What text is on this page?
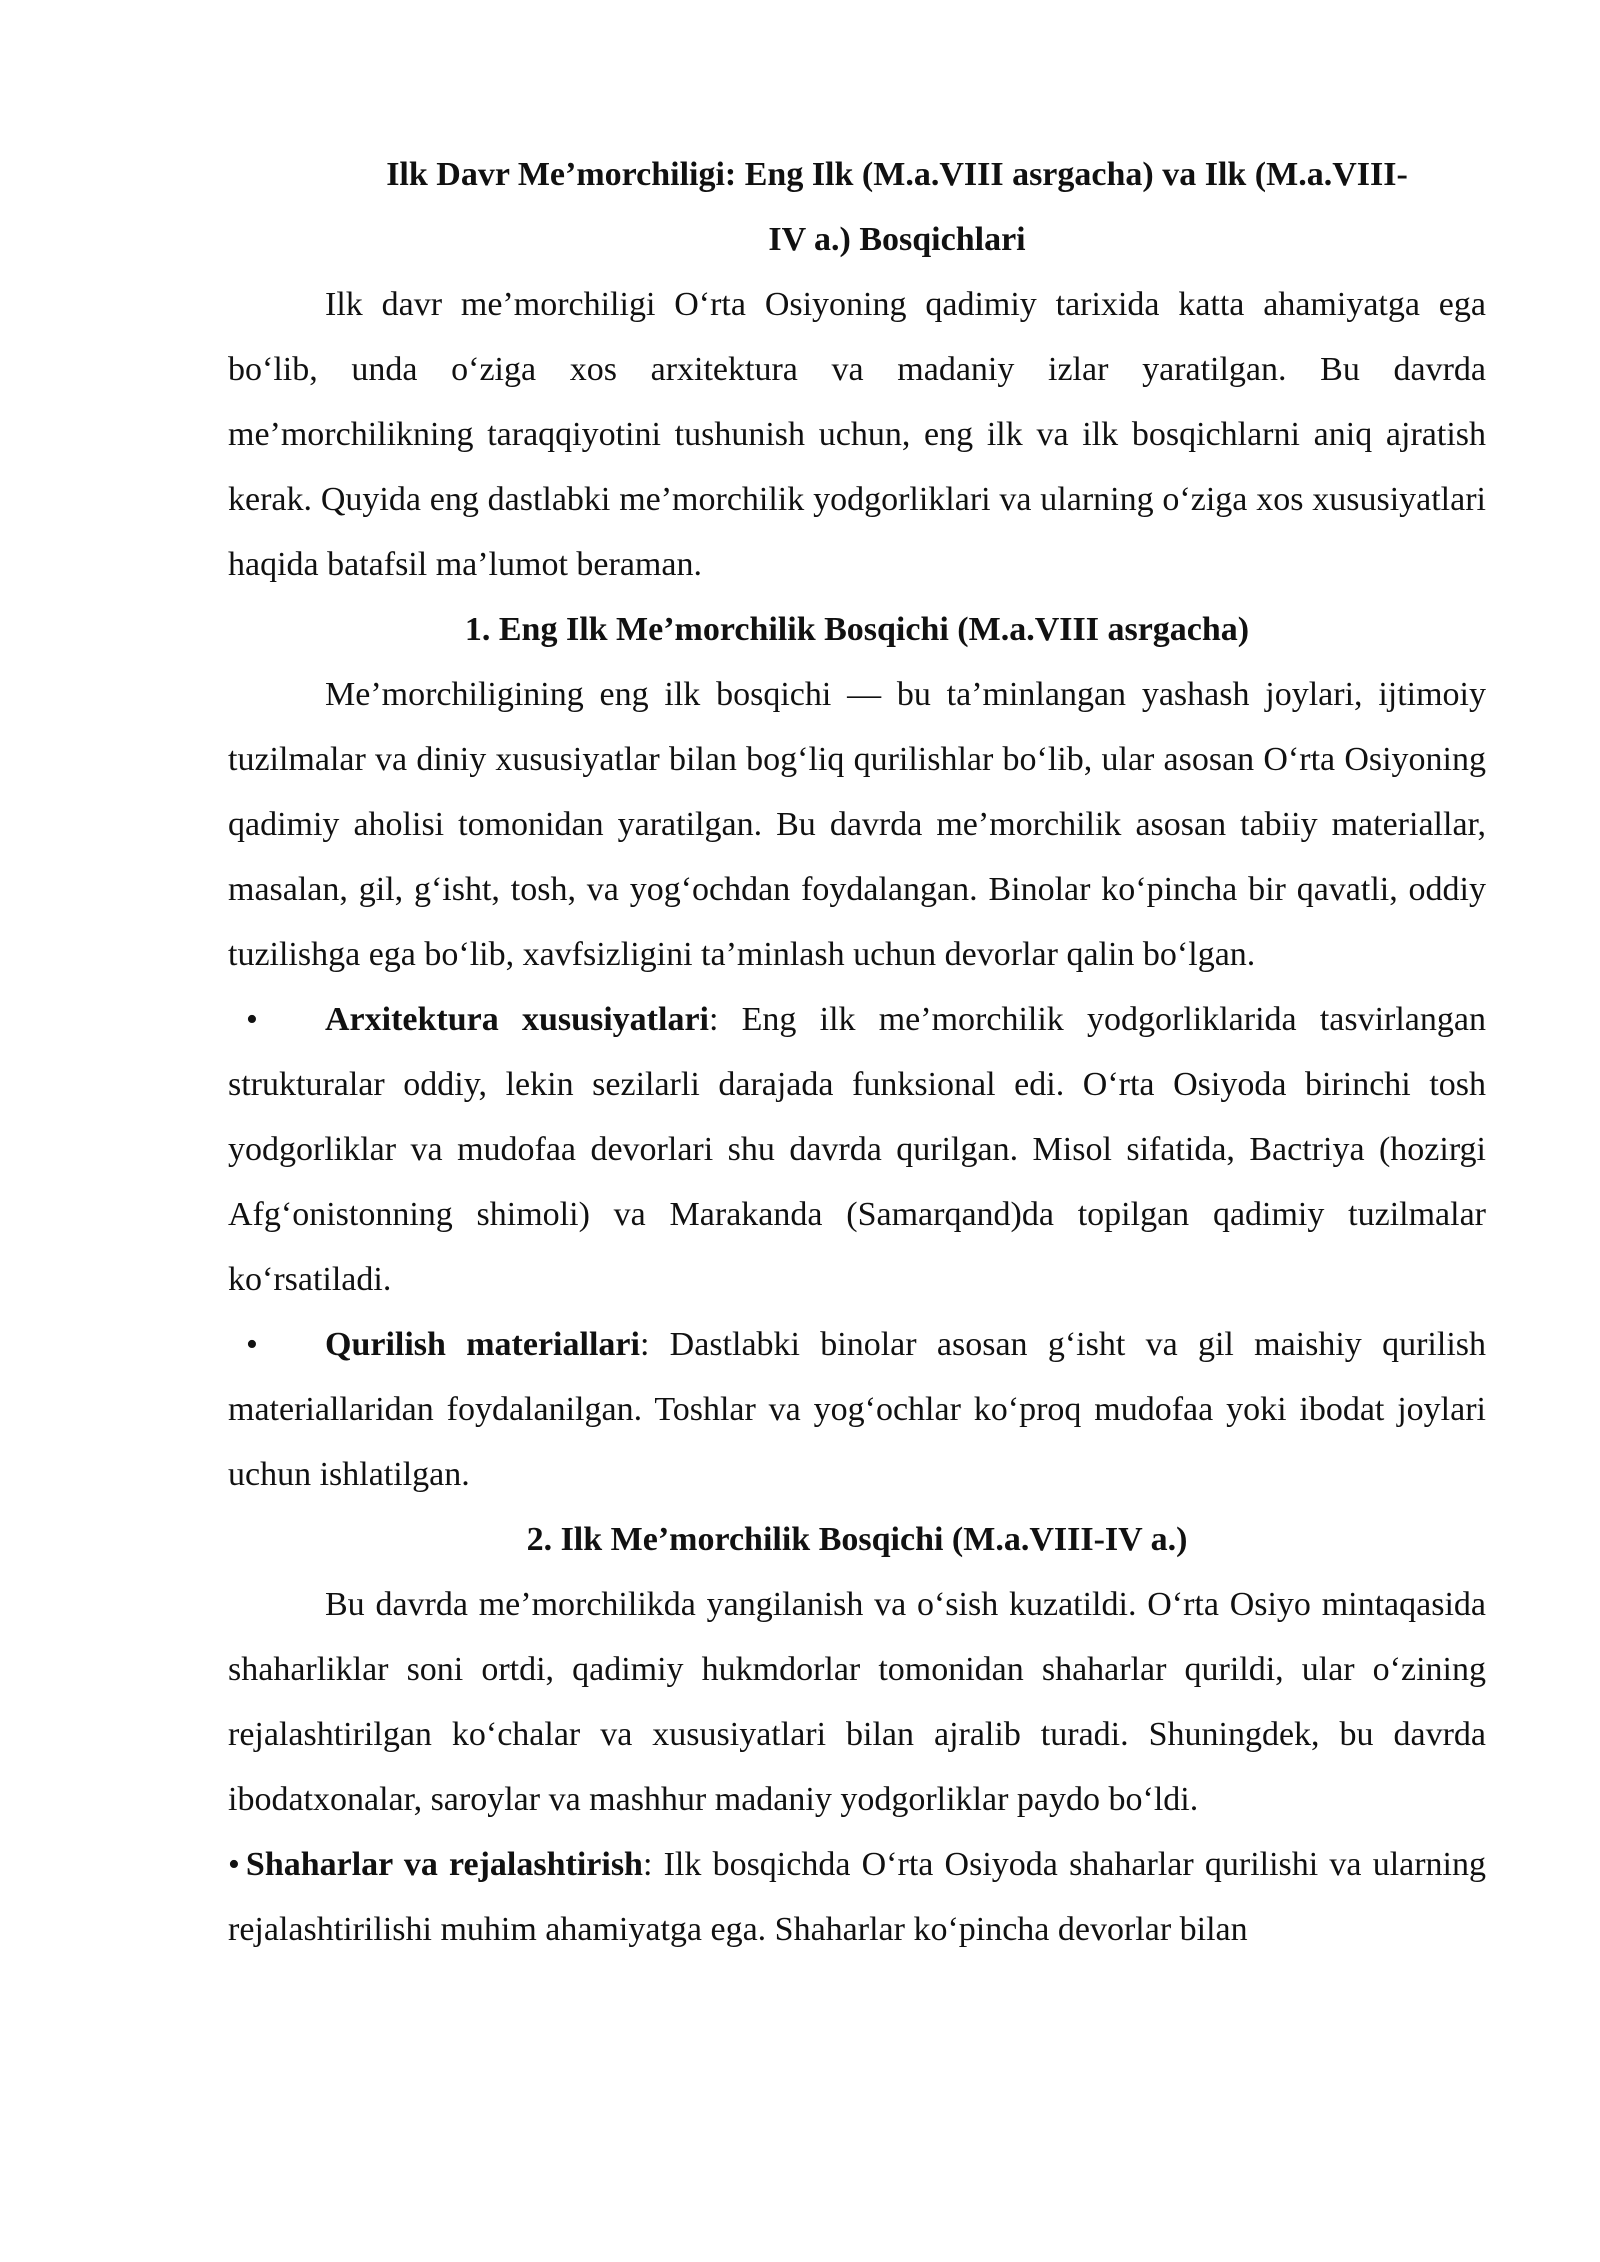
Ilk Davr Me’morchiligi: Eng Ilk (M.a.VIII asrgacha) va Ilk (M.a.VIII-
IV a.) Bosqichlari

Ilk davr me’morchiligi O‘rta Osiyoning qadimiy tarixida katta ahamiyatga ega bo‘lib, unda o‘ziga xos arxitektura va madaniy izlar yaratilgan. Bu davrda me’morchilikning taraqqiyotini tushunish uchun, eng ilk va ilk bosqichlarni aniq ajratish kerak. Quyida eng dastlabki me’morchilik yodgorliklari va ularning o‘ziga xos xususiyatlari haqida batafsil ma’lumot beraman.

1. Eng Ilk Me’morchilik Bosqichi (M.a.VIII asrgacha)

Me’morchiligining eng ilk bosqichi — bu ta’minlangan yashash joylari, ijtimoiy tuzilmalar va diniy xususiyatlar bilan bog‘liq qurilishlar bo‘lib, ular asosan O‘rta Osiyoning qadimiy aholisi tomonidan yaratilgan. Bu davrda me’morchilik asosan tabiiy materiallar, masalan, gil, g‘isht, tosh, va yog‘ochdan foydalangan. Binolar ko‘pincha bir qavatli, oddiy tuzilishga ega bo‘lib, xavfsizligini ta’minlash uchun devorlar qalin bo‘lgan.

• Arxitektura xususiyatlari: Eng ilk me’morchilik yodgorliklarida tasvirlangan strukturalar oddiy, lekin sezilarli darajada funksional edi. O‘rta Osiyoda birinchi tosh yodgorliklar va mudofaa devorlari shu davrda qurilgan. Misol sifatida, Bactriya (hozirgi Afg‘onistonning shimoli) va Marakanda (Samarqand)da topilgan qadimiy tuzilmalar ko‘rsatiladi.

• Qurilish materiallari: Dastlabki binolar asosan g‘isht va gil maishiy qurilish materiallaridan foydalanilgan. Toshlar va yog‘ochlar ko‘proq mudofaa yoki ibodat joylari uchun ishlatilgan.

2. Ilk Me’morchilik Bosqichi (M.a.VIII-IV a.)

Bu davrda me’morchilikda yangilanish va o‘sish kuzatildi. O‘rta Osiyo mintaqasida shaharliklar soni ortdi, qadimiy hukmdorlar tomonidan shaharlar qurildi, ular o‘zining rejalashtirilgan ko‘chalar va xususiyatlari bilan ajralib turadi. Shuningdek, bu davrda ibodatxonalar, saroylar va mashhur madaniy yodgorliklar paydo bo‘ldi.

• Shaharlar va rejalashtirish: Ilk bosqichda O‘rta Osiyoda shaharlar qurilishi va ularning rejalashtirilishi muhim ahamiyatga ega. Shaharlar ko‘pincha devorlar bilan
